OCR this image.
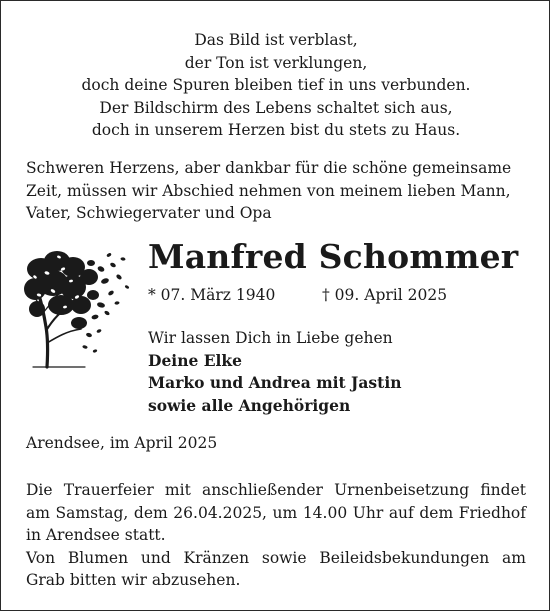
Das Bild ist verblast,
der Ton ist verklungen,
doch deine Spuren bleiben tief in uns verbunden.
Der Bildschirm des Lebens schaltet sich aus,
doch in unserem Herzen bist du stets zu Haus.
Schweren Herzens, aber dankbar für die schöne gemeinsame
Zeit, müssen wir Abschied nehmen von meinem lieben Mann,
Vater, Schwiegervater und Opa
Manfred Schommer
* 07. März 1940	† 09. April 2025
Wir lassen Dich in Liebe gehen
Deine Elke
Marko und Andrea mit Jastin
sowie alle Angehörigen
Arendsee, im April 2025
Die Trauerfeier mit anschließender Urnenbeisetzung findet
am Samstag, dem 26.04.2025, um 14.00 Uhr auf dem Friedhof
in Arendsee statt.
Von Blumen und Kränzen sowie Beileidsbekundungen am
Grab bitten wir abzusehen.
